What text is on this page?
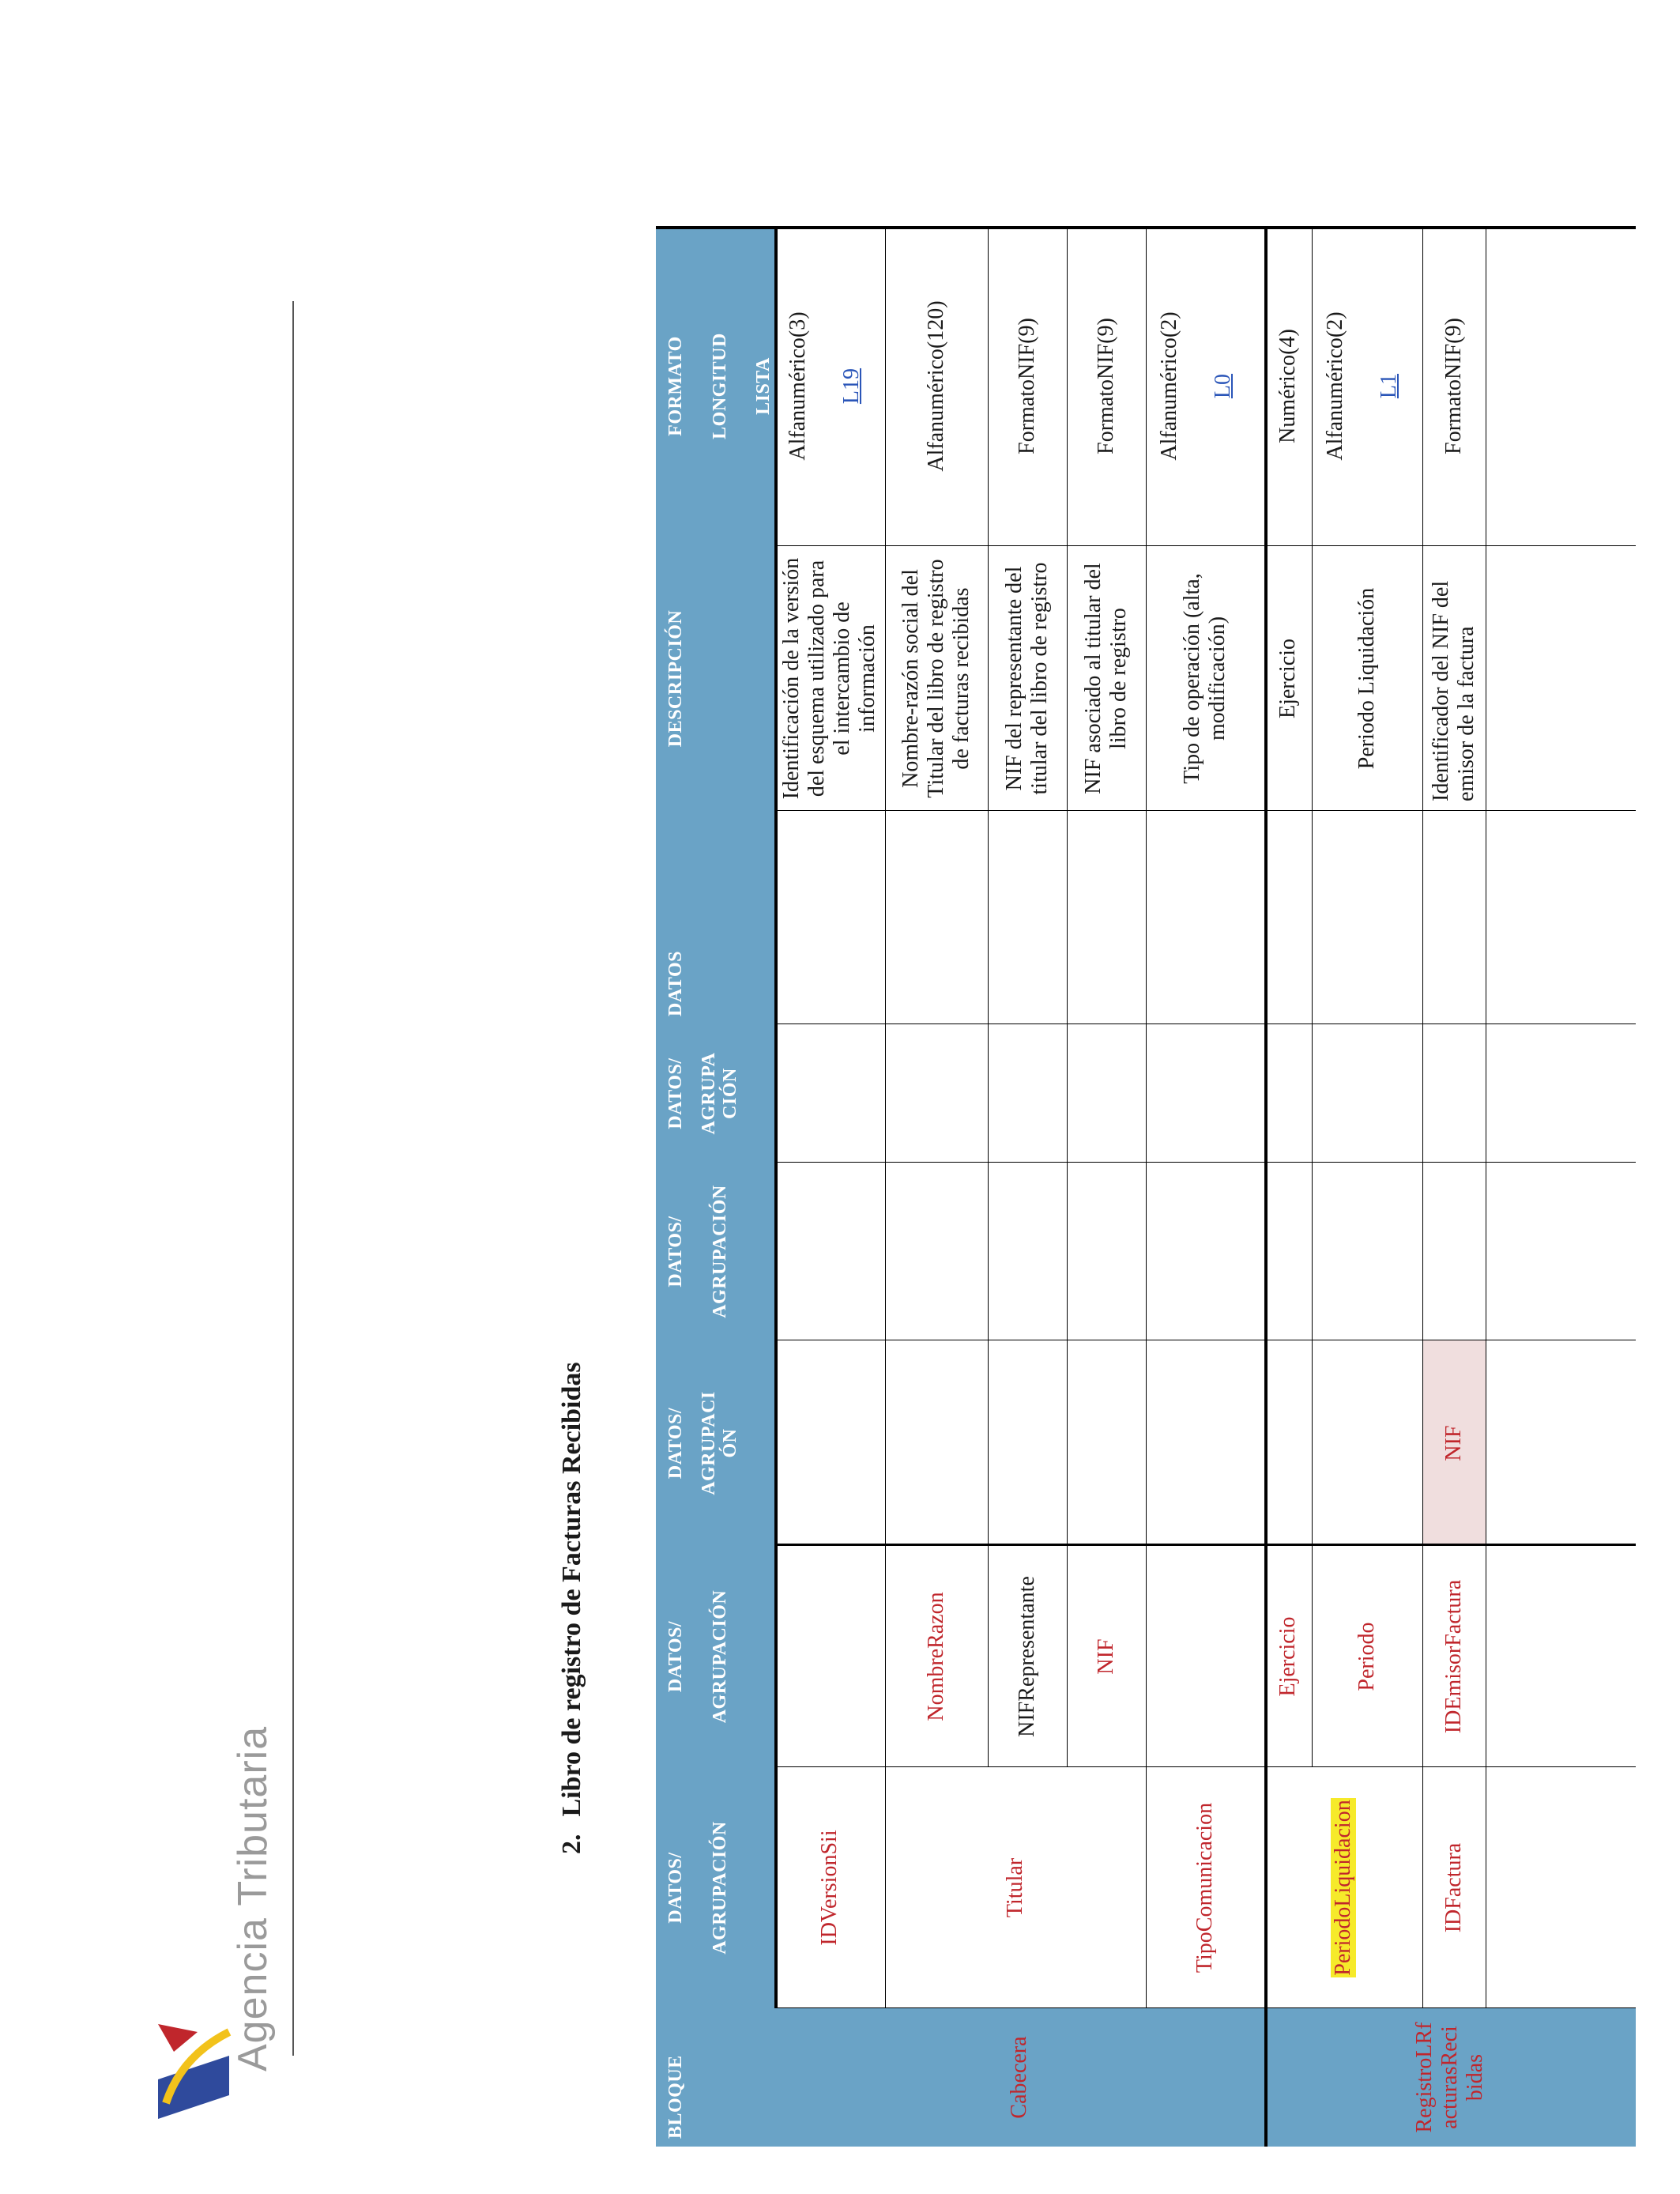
Agencia Tributaria	2.Libro de registro de Facturas Recibidas
BLOQUE
DATOS/ AGRUPACIÓN
DATOS/ AGRUPACIÓN
DATOS/ AGRUPACI ÓN
DATOS/ AGRUPACIÓN
DATOS/ AGRUPA CIÓN
DATOS
DESCRIPCIÓN
FORMATO LONGITUD LISTA
Cabecera	RegistroLRf acturasReci bidas
IDVersionSii
Identificación de la versión del esquema utilizado para el intercambio de información
Alfanumérico(3) L19
Titular
NombreRazon
Nombre-razón social del Titular del libro de registro de facturas recibidas
Alfanumérico(120)
NIFRepresentante
NIF del representante del titular del libro de registro
FormatoNIF(9)
NIF
NIF asociado al titular del libro de registro
FormatoNIF(9)
TipoComunicacion
Tipo de operación (alta, modificación)
Alfanumérico(2) L0
PeriodoLiquidacion
Ejercicio
Ejercicio
Numérico(4)
Periodo
Periodo Liquidación
Alfanumérico(2) L1
IDFactura
IDEmisorFactura
NIF
Identificador del NIF del emisor de la factura
FormatoNIF(9)
